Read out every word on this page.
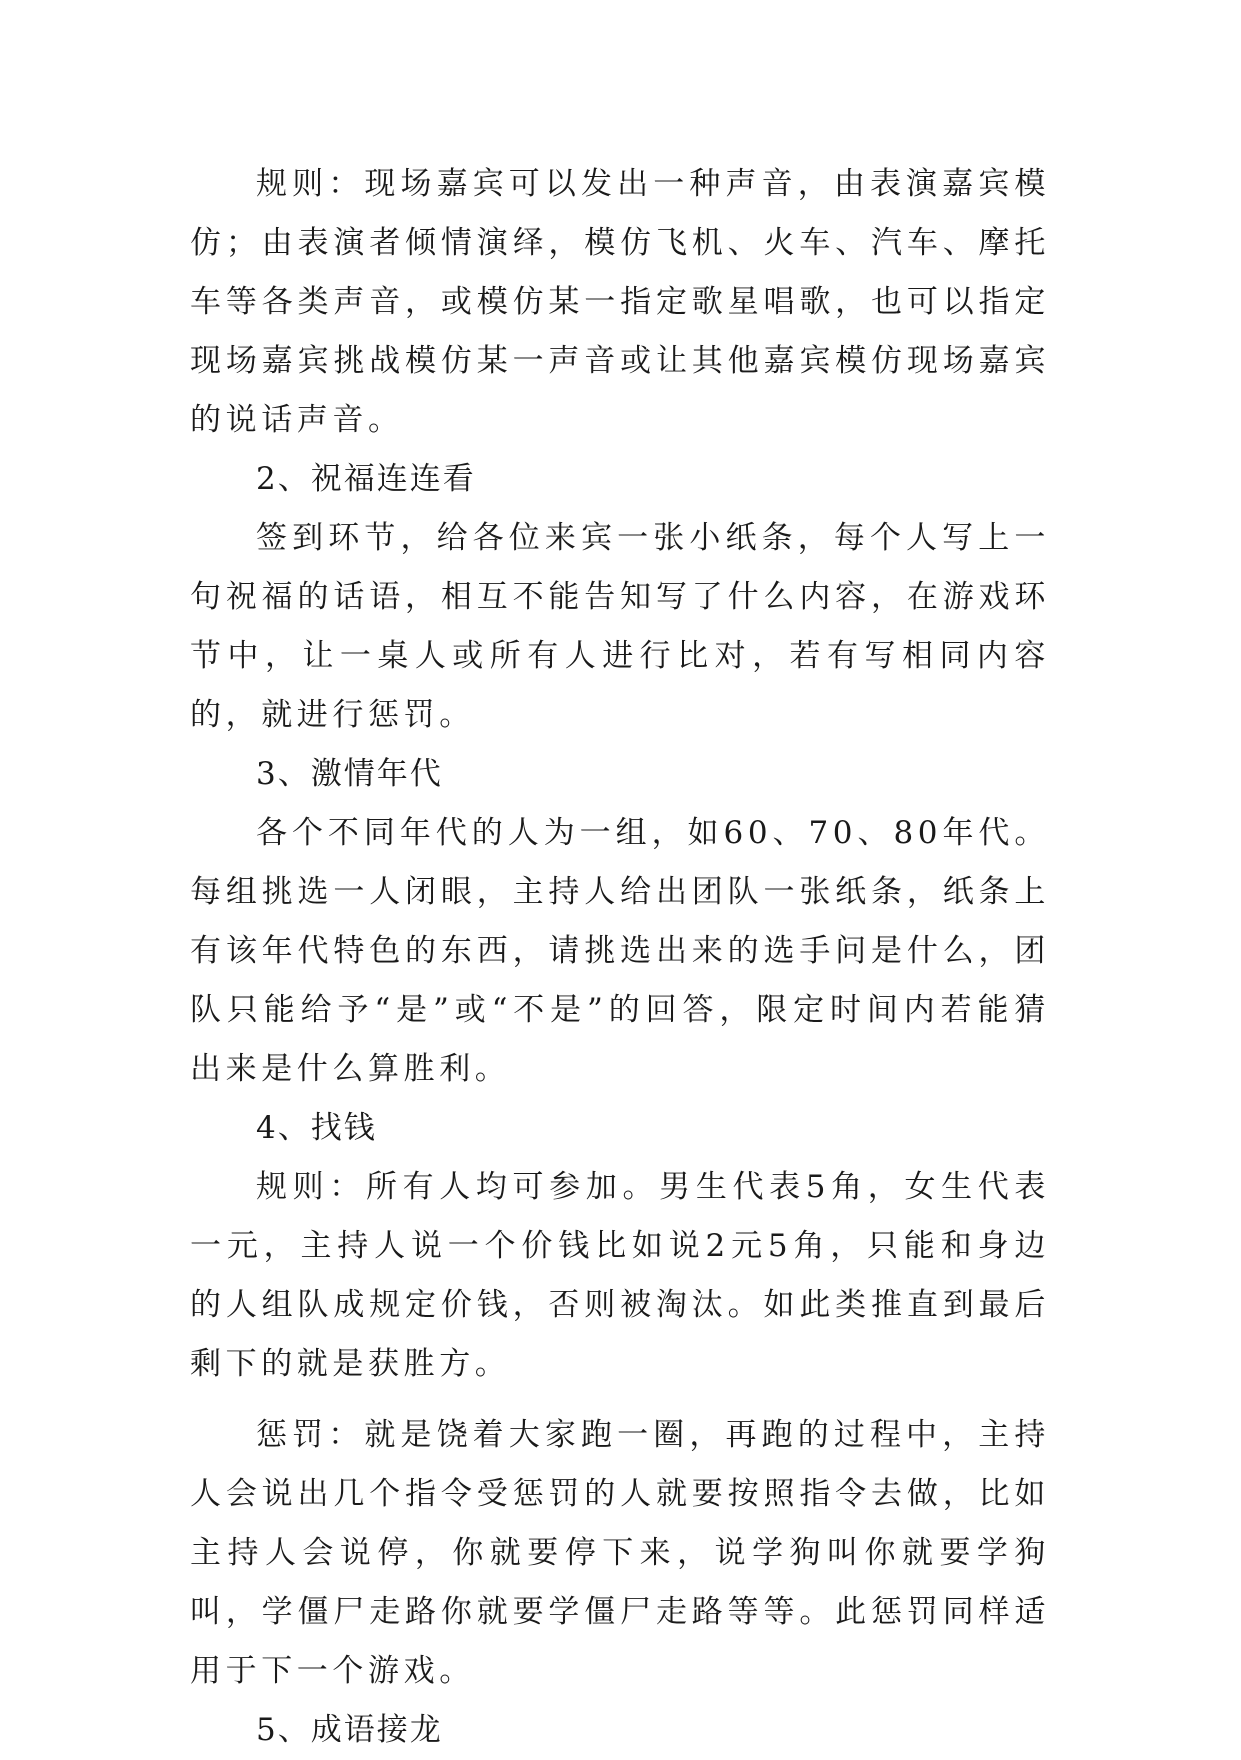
规则：现场嘉宾可以发出一种声音，由表演嘉宾模仿；由表演者倾情演绎，模仿飞机、火车、汽车、摩托车等各类声音，或模仿某一指定歌星唱歌，也可以指定现场嘉宾挑战模仿某一声音或让其他嘉宾模仿现场嘉宾的说话声音。

2、祝福连连看

签到环节，给各位来宾一张小纸条，每个人写上一句祝福的话语，相互不能告知写了什么内容，在游戏环节中，让一桌人或所有人进行比对，若有写相同内容的，就进行惩罚。

3、激情年代

各个不同年代的人为一组，如60、70、80年代。每组挑选一人闭眼，主持人给出团队一张纸条，纸条上有该年代特色的东西，请挑选出来的选手问是什么，团队只能给予“是”或“不是”的回答，限定时间内若能猜出来是什么算胜利。

4、找钱

规则：所有人均可参加。男生代表5角，女生代表一元，主持人说一个价钱比如说2元5角，只能和身边的人组队成规定价钱，否则被淘汰。如此类推直到最后剩下的就是获胜方。

惩罚：就是饶着大家跑一圈，再跑的过程中，主持人会说出几个指令受惩罚的人就要按照指令去做，比如主持人会说停，你就要停下来，说学狗叫你就要学狗叫，学僵尸走路你就要学僵尸走路等等。此惩罚同样适用于下一个游戏。

5、成语接龙
